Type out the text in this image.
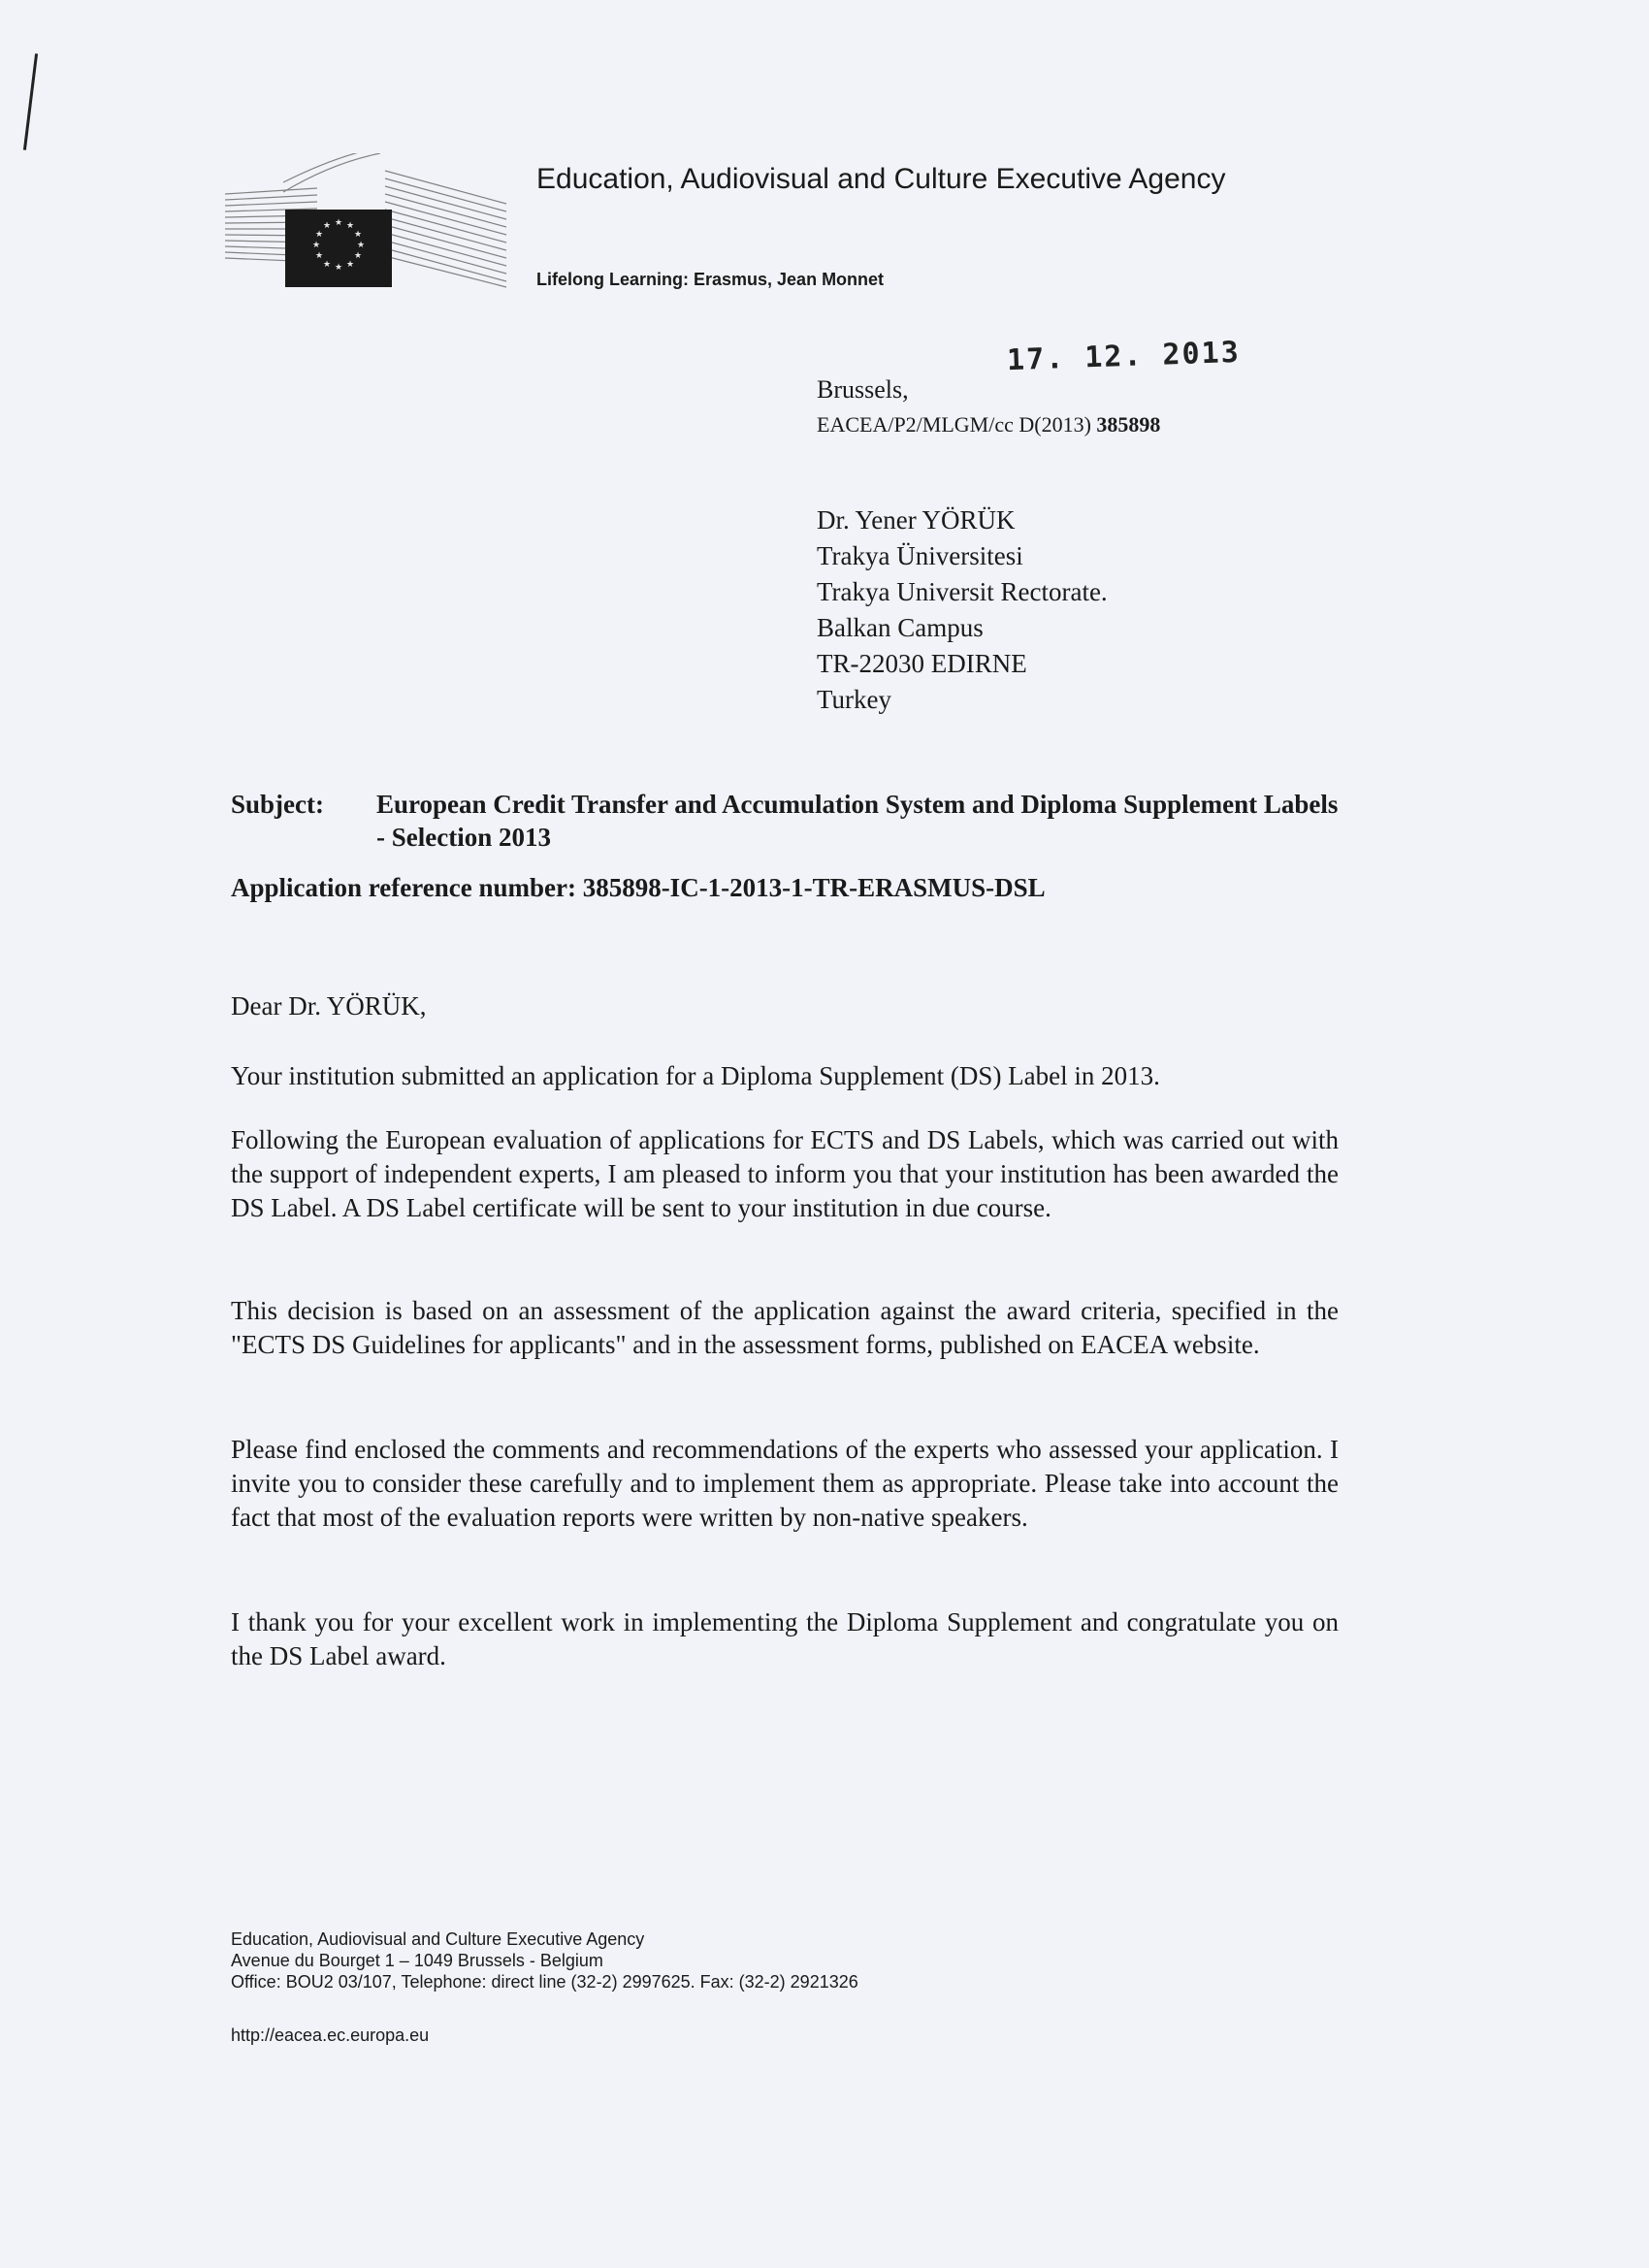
★ ★
★
★
★
★
★
★
★
★
★
★
Education, Audiovisual and Culture Executive Agency
Lifelong Learning: Erasmus, Jean Monnet
17. 12. 2013
Brussels,
EACEA/P2/MLGM/cc D(2013) 385898
Dr. Yener YÖRÜK
Trakya Üniversitesi
Trakya Universit Rectorate.
Balkan Campus
TR-22030 EDIRNE
Turkey
Subject: European Credit Transfer and Accumulation System and Diploma Supplement Labels - Selection 2013
Application reference number: 385898-IC-1-2013-1-TR-ERASMUS-DSL
Dear Dr. YÖRÜK,
Your institution submitted an application for a Diploma Supplement (DS) Label in 2013.
Following the European evaluation of applications for ECTS and DS Labels, which was carried out with the support of independent experts, I am pleased to inform you that your institution has been awarded the DS Label. A DS Label certificate will be sent to your institution in due course.
This decision is based on an assessment of the application against the award criteria, specified in the "ECTS DS Guidelines for applicants" and in the assessment forms, published on EACEA website.
Please find enclosed the comments and recommendations of the experts who assessed your application. I invite you to consider these carefully and to implement them as appropriate. Please take into account the fact that most of the evaluation reports were written by non-native speakers.
I thank you for your excellent work in implementing the Diploma Supplement and congratulate you on the DS Label award.
Education, Audiovisual and Culture Executive Agency
Avenue du Bourget 1 – 1049 Brussels - Belgium
Office: BOU2 03/107, Telephone: direct line (32-2) 2997625. Fax: (32-2) 2921326
http://eacea.ec.europa.eu
